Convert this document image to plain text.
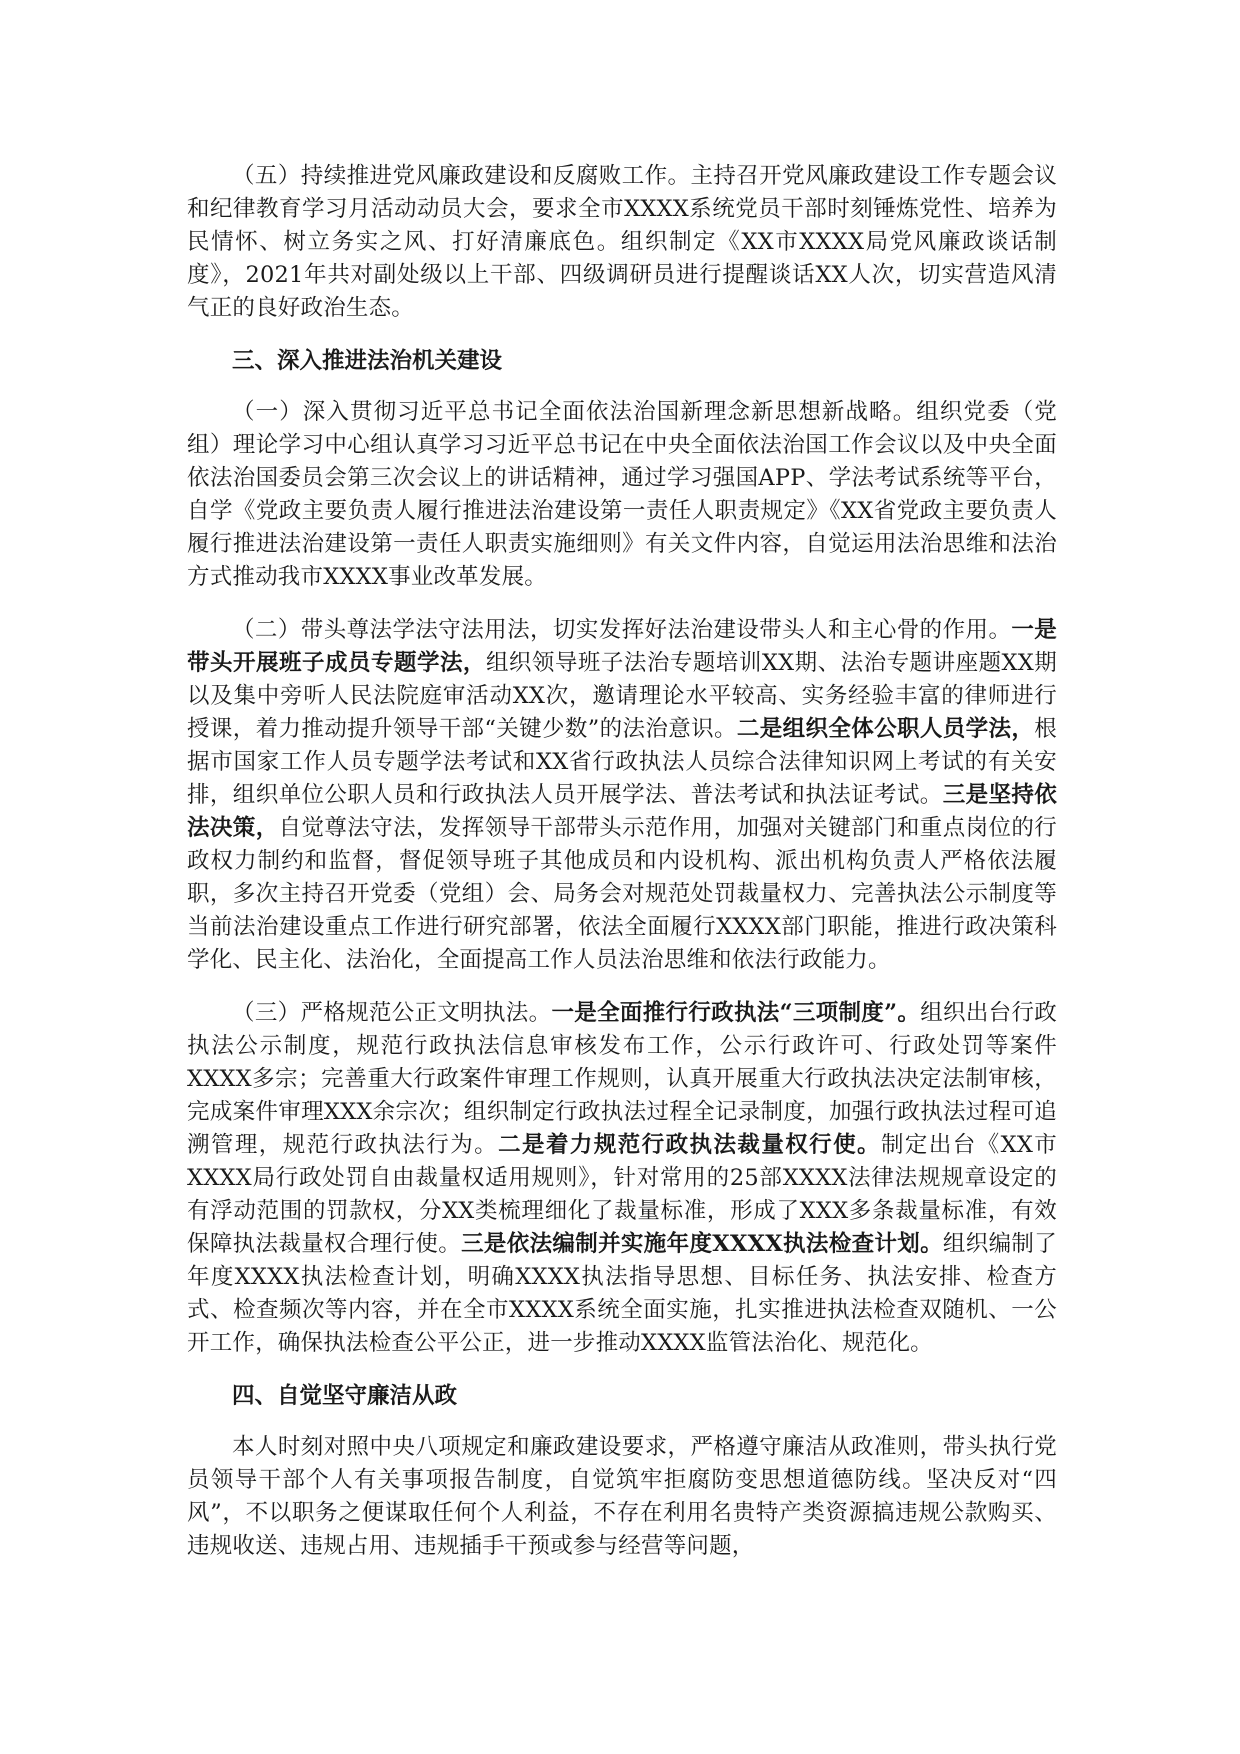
（五）持续推进党风廉政建设和反腐败工作。主持召开党风廉政建设工作专题会议和纪律教育学习月活动动员大会，要求全市XXXX系统党员干部时刻锤炼党性、培养为民情怀、树立务实之风、打好清廉底色。组织制定《XX市XXXX局党风廉政谈话制度》，2021年共对副处级以上干部、四级调研员进行提醒谈话XX人次，切实营造风清气正的良好政治生态。

三、深入推进法治机关建设

（一）深入贯彻习近平总书记全面依法治国新理念新思想新战略。组织党委（党组）理论学习中心组认真学习习近平总书记在中央全面依法治国工作会议以及中央全面依法治国委员会第三次会议上的讲话精神，通过学习强国APP、学法考试系统等平台，自学《党政主要负责人履行推进法治建设第一责任人职责规定》《XX省党政主要负责人履行推进法治建设第一责任人职责实施细则》有关文件内容，自觉运用法治思维和法治方式推动我市XXXX事业改革发展。

（二）带头尊法学法守法用法，切实发挥好法治建设带头人和主心骨的作用。一是带头开展班子成员专题学法，组织领导班子法治专题培训XX期、法治专题讲座题XX期以及集中旁听人民法院庭审活动XX次，邀请理论水平较高、实务经验丰富的律师进行授课，着力推动提升领导干部“关键少数”的法治意识。二是组织全体公职人员学法，根据市国家工作人员专题学法考试和XX省行政执法人员综合法律知识网上考试的有关安排，组织单位公职人员和行政执法人员开展学法、普法考试和执法证考试。三是坚持依法决策，自觉尊法守法，发挥领导干部带头示范作用，加强对关键部门和重点岗位的行政权力制约和监督，督促领导班子其他成员和内设机构、派出机构负责人严格依法履职，多次主持召开党委（党组）会、局务会对规范处罚裁量权力、完善执法公示制度等当前法治建设重点工作进行研究部署，依法全面履行XXXX部门职能，推进行政决策科学化、民主化、法治化，全面提高工作人员法治思维和依法行政能力。

（三）严格规范公正文明执法。一是全面推行行政执法“三项制度”。组织出台行政执法公示制度，规范行政执法信息审核发布工作，公示行政许可、行政处罚等案件XXXX多宗；完善重大行政案件审理工作规则，认真开展重大行政执法决定法制审核，完成案件审理XXX余宗次；组织制定行政执法过程全记录制度，加强行政执法过程可追溯管理，规范行政执法行为。二是着力规范行政执法裁量权行使。制定出台《XX市XXXX局行政处罚自由裁量权适用规则》，针对常用的25部XXXX法律法规规章设定的有浮动范围的罚款权，分XX类梳理细化了裁量标准，形成了XXX多条裁量标准，有效保障执法裁量权合理行使。三是依法编制并实施年度XXXX执法检查计划。组织编制了年度XXXX执法检查计划，明确XXXX执法指导思想、目标任务、执法安排、检查方式、检查频次等内容，并在全市XXXX系统全面实施，扎实推进执法检查双随机、一公开工作，确保执法检查公平公正，进一步推动XXXX监管法治化、规范化。

四、自觉坚守廉洁从政

本人时刻对照中央八项规定和廉政建设要求，严格遵守廉洁从政准则，带头执行党员领导干部个人有关事项报告制度，自觉筑牢拒腐防变思想道德防线。坚决反对“四风”，不以职务之便谋取任何个人利益，不存在利用名贵特产类资源搞违规公款购买、违规收送、违规占用、违规插手干预或参与经营等问题，
